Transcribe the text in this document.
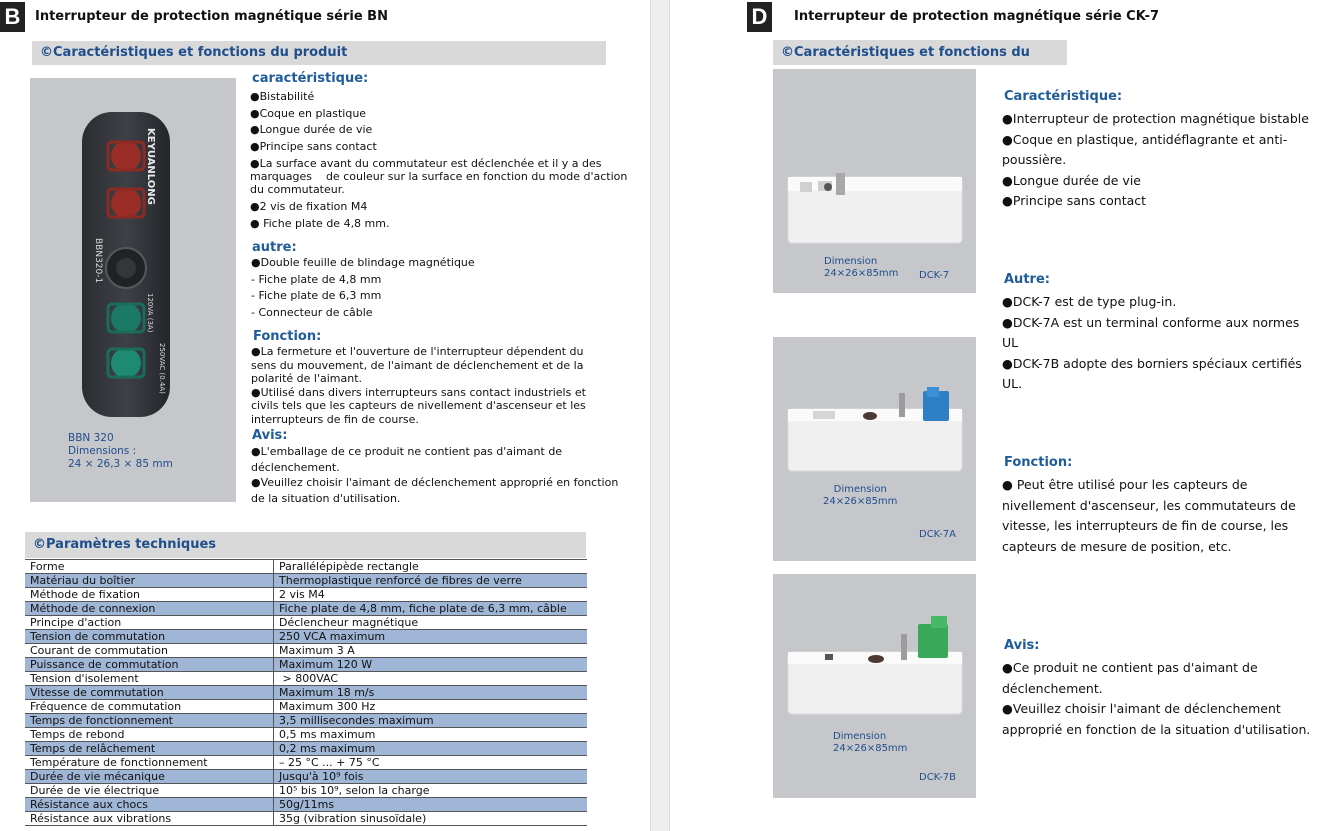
B	Interrupteur de protection magnétique série BN
©Caractéristiques et fonctions du produit
KEYUANLONG
BBN320-1
120VA (3A)
250VAC (0.4A)
BBN 320
Dimensions :
24 × 26,3 × 85 mm
caractéristique:
●Bistabilité
●Coque en plastique
●Longue durée de vie
●Principe sans contact
●La surface avant du commutateur est déclenchée et il y a des
marquages    de couleur sur la surface en fonction du mode d'action
du commutateur.
●2 vis de fixation M4
● Fiche plate de 4,8 mm.
autre:
●Double feuille de blindage magnétique
- Fiche plate de 4,8 mm
- Fiche plate de 6,3 mm
- Connecteur de câble
Fonction:
●La fermeture et l'ouverture de l'interrupteur dépendent du
sens du mouvement, de l'aimant de déclenchement et de la
polarité de l'aimant.
●Utilisé dans divers interrupteurs sans contact industriels et
civils tels que les capteurs de nivellement d'ascenseur et les
interrupteurs de fin de course.
Avis:
●L'emballage de ce produit ne contient pas d'aimant de
déclenchement.
●Veuillez choisir l'aimant de déclenchement approprié en fonction
de la situation d'utilisation.
©Paramètres techniques
Forme	Parallélépipède rectangle
Matériau du boîtier	Thermoplastique renforcé de fibres de verre
Méthode de fixation	2 vis M4
Méthode de connexion	Fiche plate de 4,8 mm, fiche plate de 6,3 mm, câble
Principe d'action	Déclencheur magnétique
Tension de commutation	250 VCA maximum
Courant de commutation	Maximum 3 A
Puissance de commutation	Maximum 120 W
Tension d'isolement	> 800VAC
Vitesse de commutation	Maximum 18 m/s
Fréquence de commutation	Maximum 300 Hz
Temps de fonctionnement	3,5 millisecondes maximum
Temps de rebond	0,5 ms maximum
Temps de relâchement	0,2 ms maximum
Température de fonctionnement	– 25 °C ... + 75 °C
Durée de vie mécanique	Jusqu'à 10⁹ fois
Durée de vie électrique	10⁵ bis 10⁹, selon la charge
Résistance aux chocs	50g/11ms
Résistance aux vibrations	35g (vibration sinusoïdale)
D	Interrupteur de protection magnétique série CK-7
©Caractéristiques et fonctions du
Dimension
24×26×85mm DCK-7
Dimension
24×26×85mm
DCK-7A
Dimension
24×26×85mm
DCK-7B
Caractéristique:
●Interrupteur de protection magnétique bistable
●Coque en plastique, antidéflagrante et anti-
poussière.
●Longue durée de vie
●Principe sans contact
Autre:
●DCK-7 est de type plug-in.
●DCK-7A est un terminal conforme aux normes
UL
●DCK-7B adopte des borniers spéciaux certifiés
UL.
Fonction:
● Peut être utilisé pour les capteurs de
nivellement d'ascenseur, les commutateurs de
vitesse, les interrupteurs de fin de course, les
capteurs de mesure de position, etc.
Avis:
●Ce produit ne contient pas d'aimant de
déclenchement.
●Veuillez choisir l'aimant de déclenchement
approprié en fonction de la situation d'utilisation.
